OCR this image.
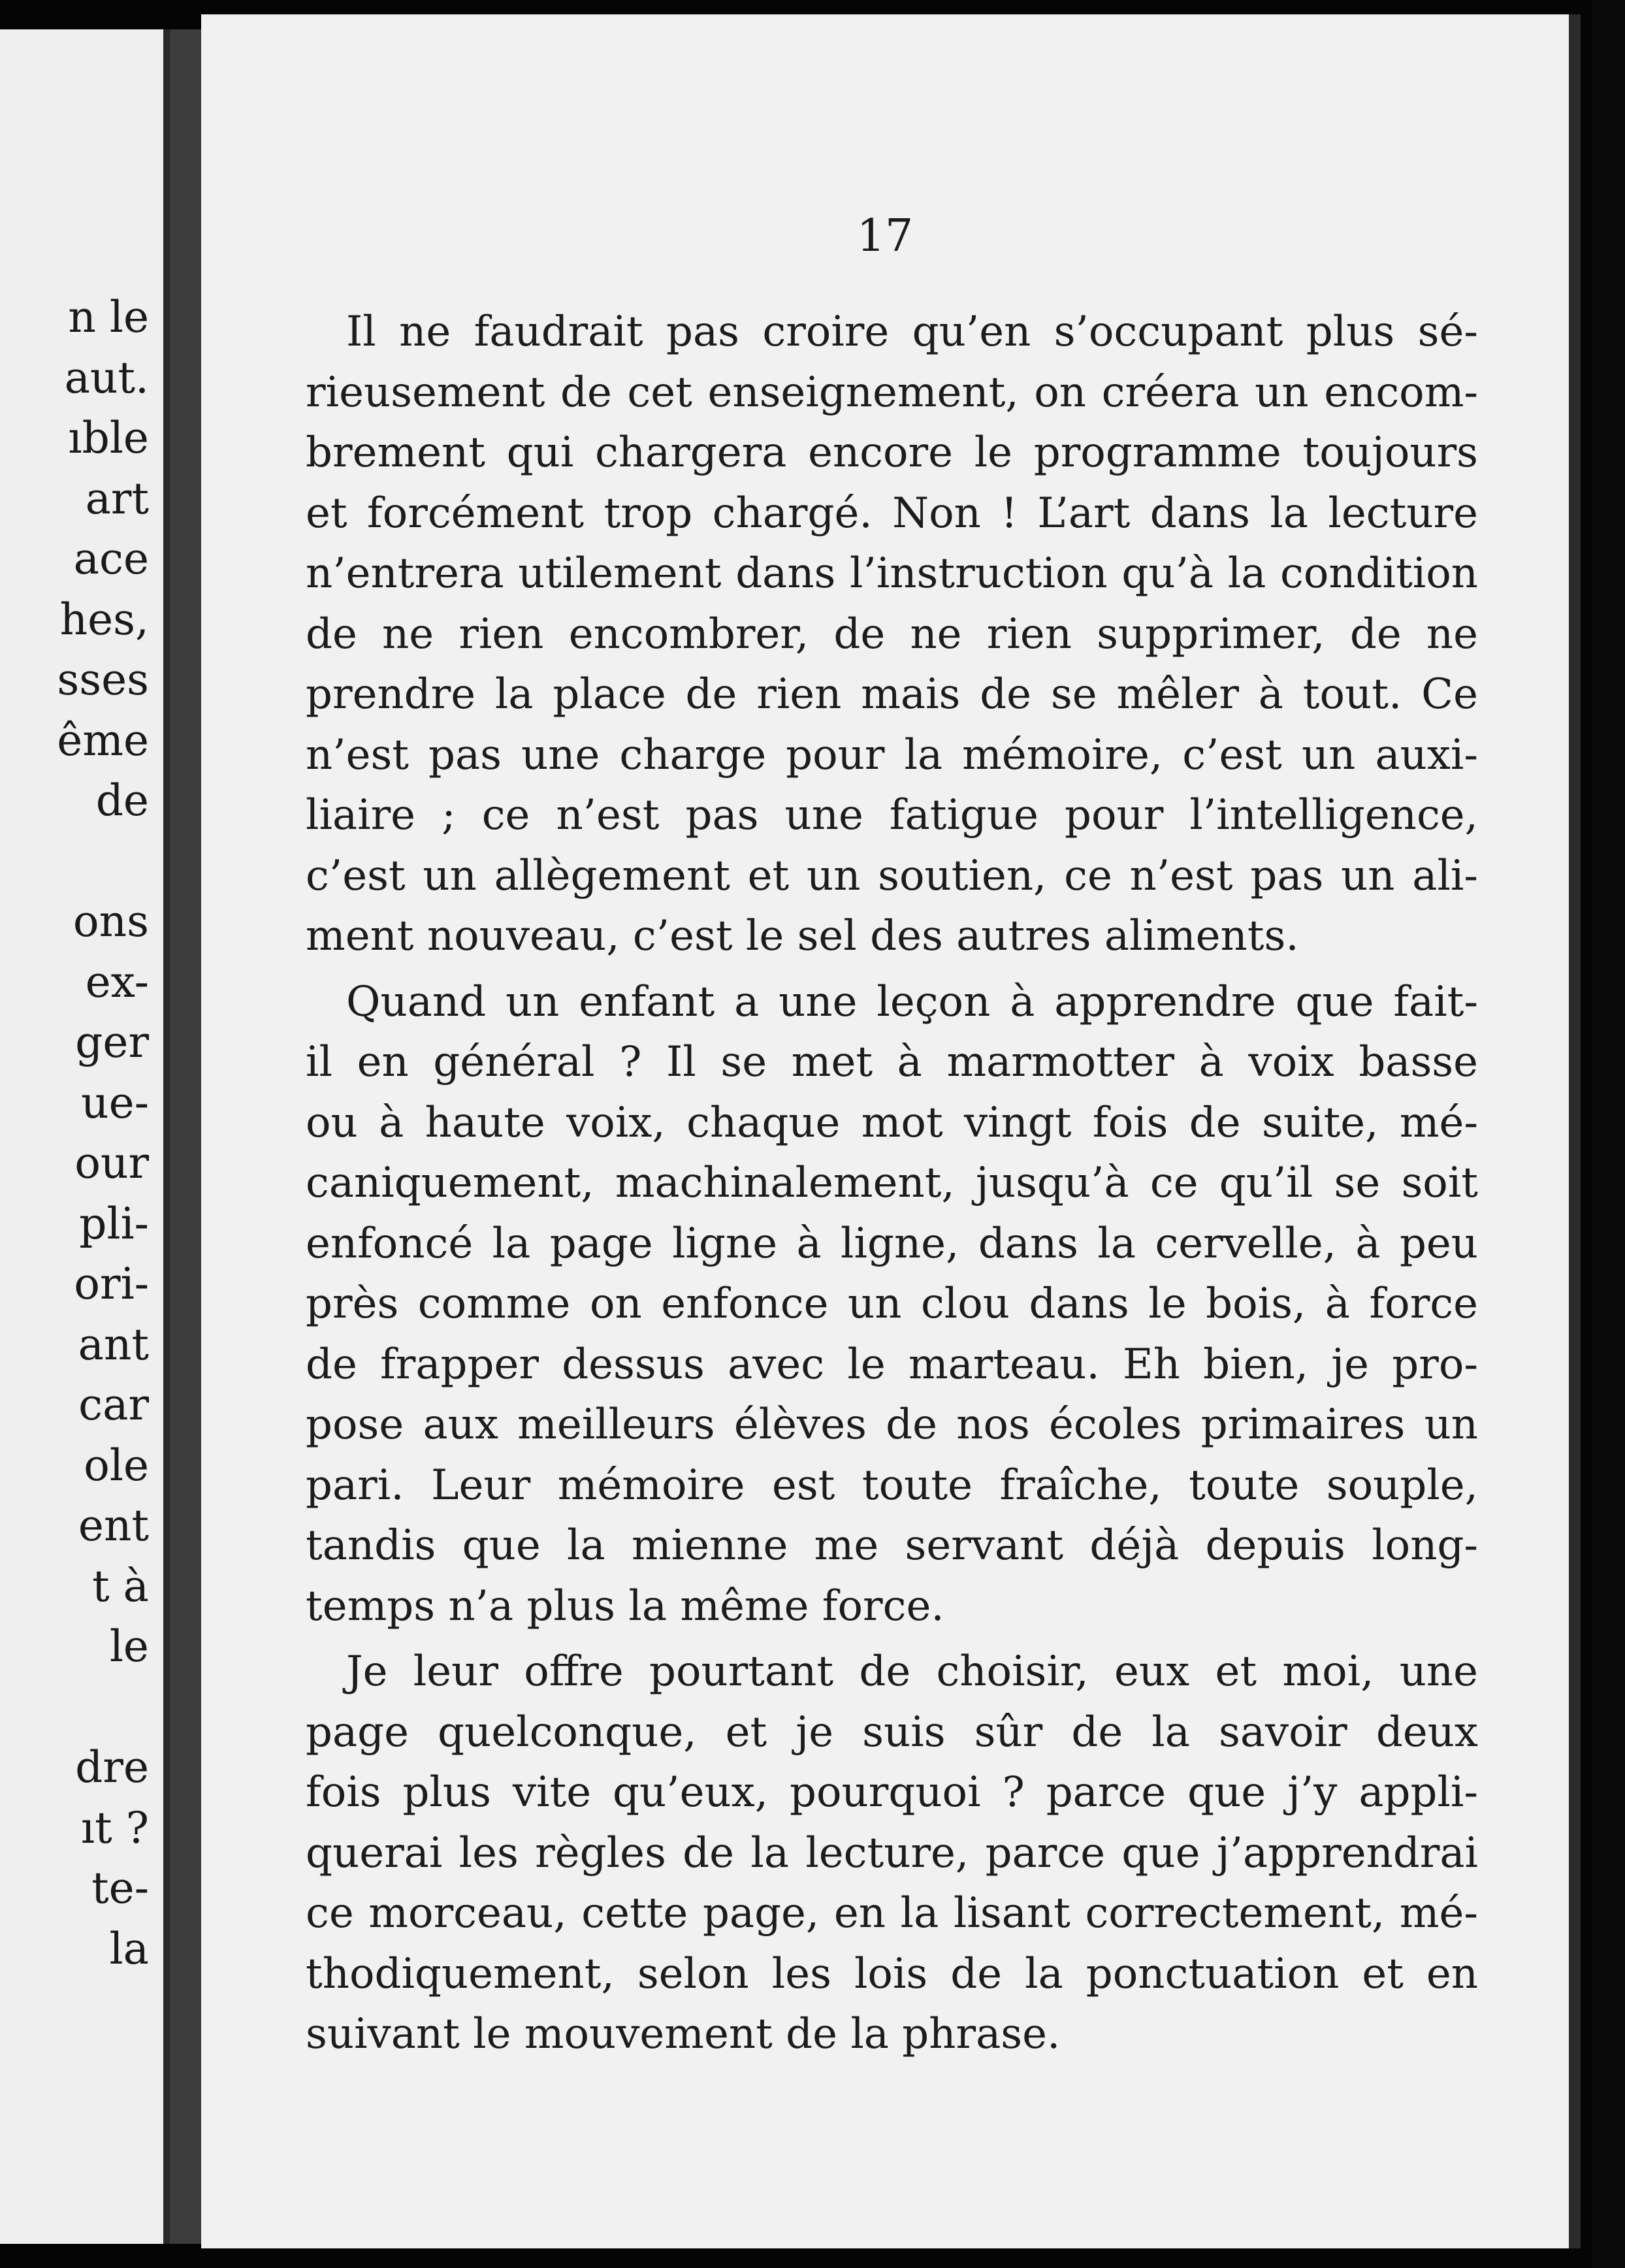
n le
aut.
ıble
art
ace
hes,
sses
ême
de
ons
ex-
ger
ue-
our
pli-
ori-
ant
car
ole
ent
t à
le
dre
ıt ?
te-
la

17

Il ne faudrait pas croire qu’en s’occupant plus sé-
rieusement de cet enseignement, on créera un encom-
brement qui chargera encore le programme toujours
et forcément trop chargé. Non ! L’art dans la lecture
n’entrera utilement dans l’instruction qu’à la condition
de ne rien encombrer, de ne rien supprimer, de ne
prendre la place de rien mais de se mêler à tout. Ce
n’est pas une charge pour la mémoire, c’est un auxi-
liaire ; ce n’est pas une fatigue pour l’intelligence,
c’est un allègement et un soutien, ce n’est pas un ali-
ment nouveau, c’est le sel des autres aliments.

Quand un enfant a une leçon à apprendre que fait-
il en général ? Il se met à marmotter à voix basse
ou à haute voix, chaque mot vingt fois de suite, mé-
caniquement, machinalement, jusqu’à ce qu’il se soit
enfoncé la page ligne à ligne, dans la cervelle, à peu
près comme on enfonce un clou dans le bois, à force
de frapper dessus avec le marteau. Eh bien, je pro-
pose aux meilleurs élèves de nos écoles primaires un
pari. Leur mémoire est toute fraîche, toute souple,
tandis que la mienne me servant déjà depuis long-
temps n’a plus la même force.

Je leur offre pourtant de choisir, eux et moi, une
page quelconque, et je suis sûr de la savoir deux
fois plus vite qu’eux, pourquoi ? parce que j’y appli-
querai les règles de la lecture, parce que j’apprendrai
ce morceau, cette page, en la lisant correctement, mé-
thodiquement, selon les lois de la ponctuation et en
suivant le mouvement de la phrase.
